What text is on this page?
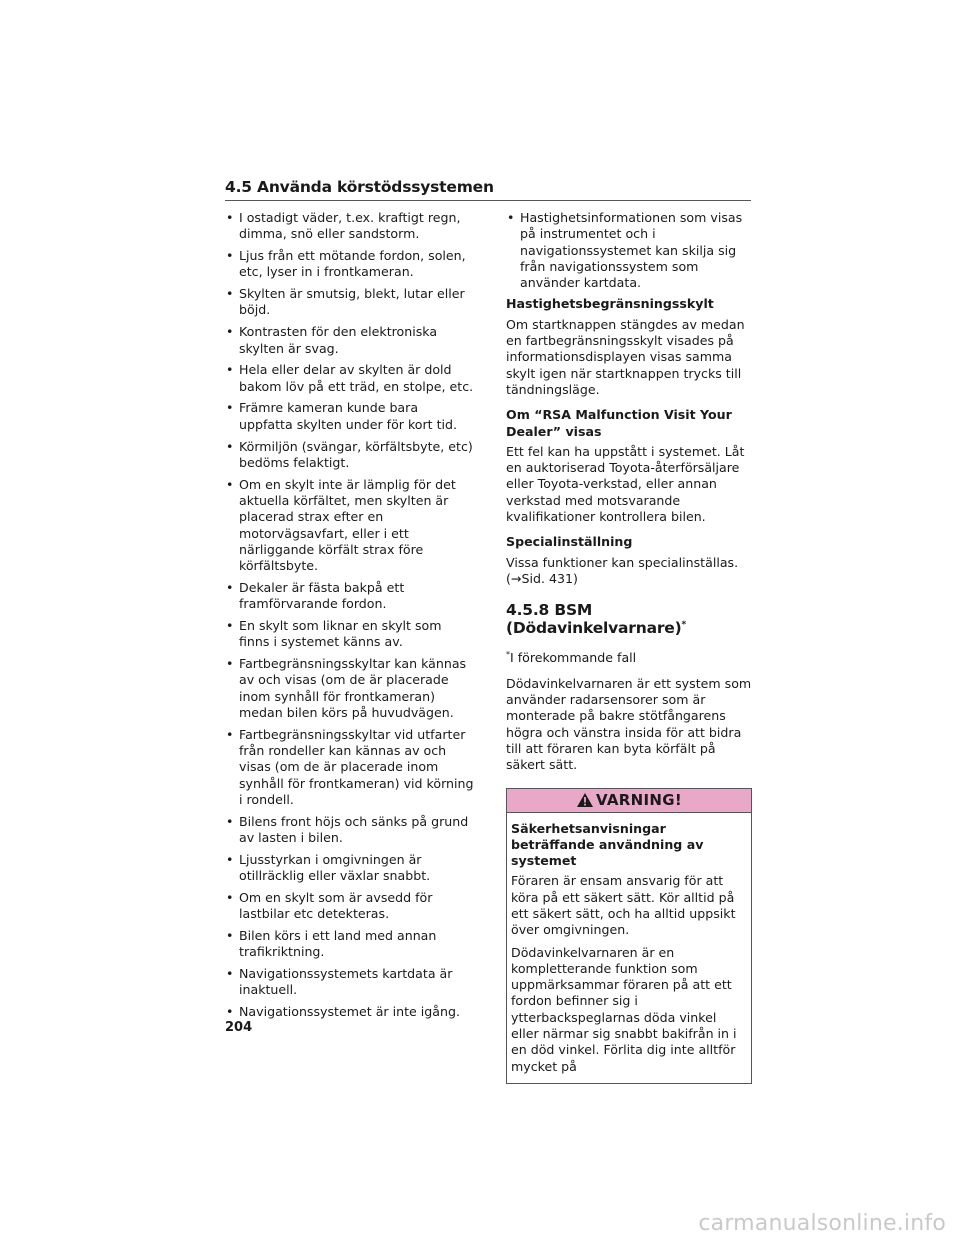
4.5 Använda körstödssystemen
• I ostadigt väder, t.ex. kraftigt regn, dimma, snö eller sandstorm.
• Ljus från ett mötande fordon, solen, etc, lyser in i frontkameran.
• Skylten är smutsig, blekt, lutar eller böjd.
• Kontrasten för den elektroniska skylten är svag.
• Hela eller delar av skylten är dold bakom löv på ett träd, en stolpe, etc.
• Främre kameran kunde bara uppfatta skylten under för kort tid.
• Körmiljön (svängar, körfältsbyte, etc) bedöms felaktigt.
• Om en skylt inte är lämplig för det aktuella körfältet, men skylten är placerad strax efter en motorvägsavfart, eller i ett närliggande körfält strax före körfältsbyte.
• Dekaler är fästa bakpå ett framförvarande fordon.
• En skylt som liknar en skylt som finns i systemet känns av.
• Fartbegränsningsskyltar kan kännas av och visas (om de är placerade inom synhåll för frontkameran) medan bilen körs på huvudvägen.
• Fartbegränsningsskyltar vid utfarter från rondeller kan kännas av och visas (om de är placerade inom synhåll för frontkameran) vid körning i rondell.
• Bilens front höjs och sänks på grund av lasten i bilen.
• Ljusstyrkan i omgivningen är otillräcklig eller växlar snabbt.
• Om en skylt som är avsedd för lastbilar etc detekteras.
• Bilen körs i ett land med annan trafikriktning.
• Navigationssystemets kartdata är inaktuell.
• Navigationssystemet är inte igång.
• Hastighetsinformationen som visas på instrumentet och i navigationssystemet kan skilja sig från navigationssystem som använder kartdata.
Hastighetsbegränsningsskylt
Om startknappen stängdes av medan en fartbegränsningsskylt visades på informationsdisplayen visas samma skylt igen när startknappen trycks till tändningsläge.
Om “RSA Malfunction Visit Your Dealer” visas
Ett fel kan ha uppstått i systemet. Låt en auktoriserad Toyota-återförsäljare eller Toyota-verkstad, eller annan verkstad med motsvarande kvalifikationer kontrollera bilen.
Specialinställning
Vissa funktioner kan specialinställas. (→Sid. 431)
4.5.8 BSM (Dödavinkelvarnare)*
*I förekommande fall
Dödavinkelvarnaren är ett system som använder radarsensorer som är monterade på bakre stötfångarens högra och vänstra insida för att bidra till att föraren kan byta körfält på säkert sätt.
VARNING!
Säkerhetsanvisningar beträffande användning av systemet
Föraren är ensam ansvarig för att köra på ett säkert sätt. Kör alltid på ett säkert sätt, och ha alltid uppsikt över omgivningen.
Dödavinkelvarnaren är en kompletterande funktion som uppmärksammar föraren på att ett fordon befinner sig i ytterbackspeglarnas döda vinkel eller närmar sig snabbt bakifrån in i en död vinkel. Förlita dig inte alltför mycket på
204
carmanualsonline.info
